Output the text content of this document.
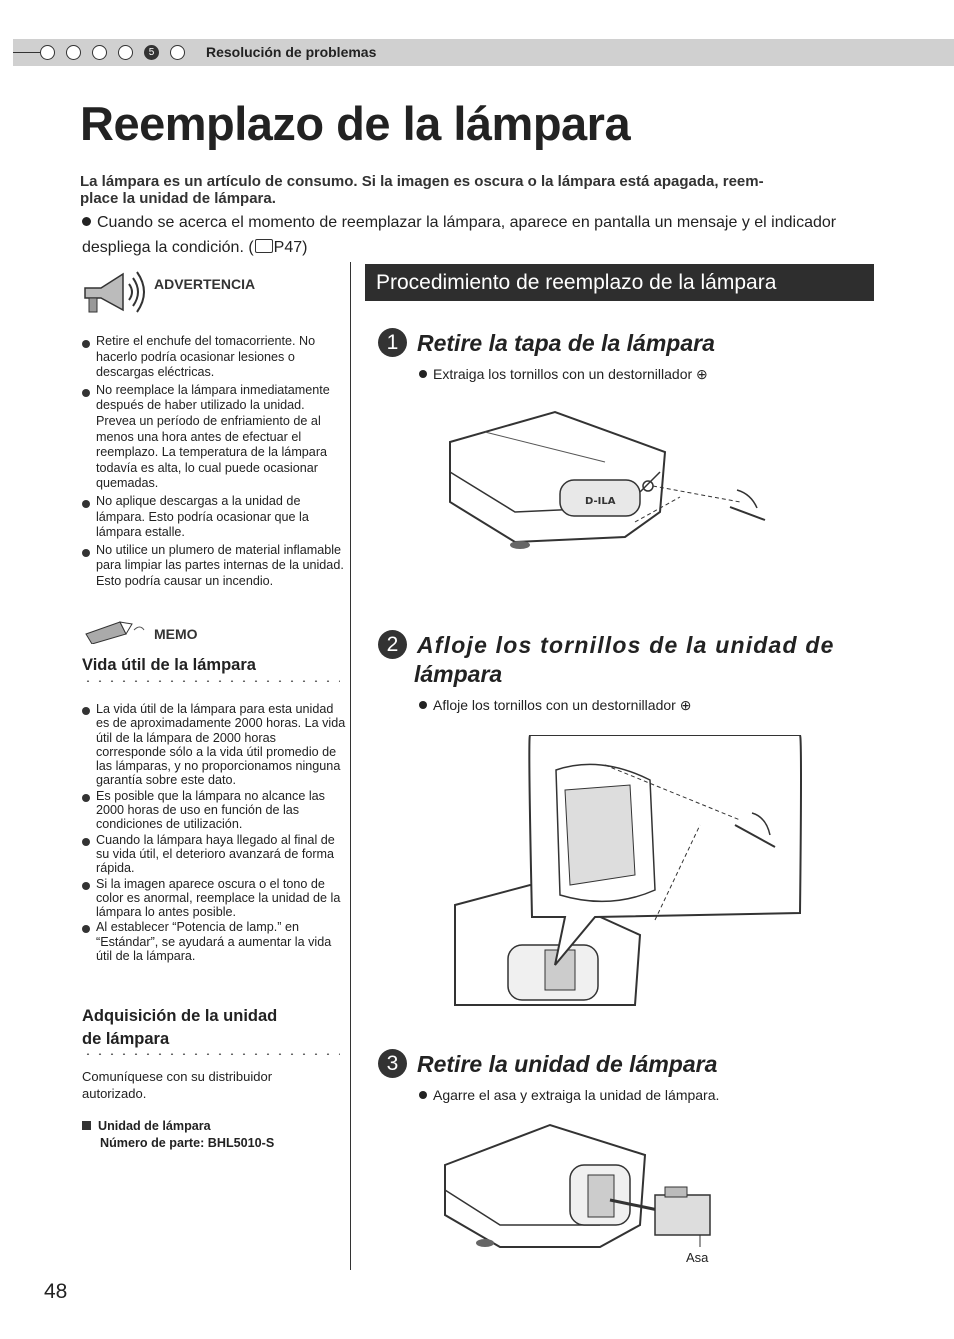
5	Resolución de problemas
Reemplazo de la lámpara
La lámpara es un artículo de consumo. Si la imagen es oscura o la lámpara está apagada, reem-
place la unidad de lámpara.
Cuando se acerca el momento de reemplazar la lámpara, aparece en pantalla un mensaje y el indicador despliega la condición. ( P47)
ADVERTENCIA
Retire el enchufe del tomacorriente. No hacerlo podría ocasionar lesiones o descargas eléctricas.
No reemplace la lámpara inmediatamente después de haber utilizado la unidad. Prevea un período de enfriamiento de al menos una hora antes de efectuar el reemplazo. La temperatura de la lámpara todavía es alta, lo cual puede ocasionar quemadas.
No aplique descargas a la unidad de lámpara. Esto podría ocasionar que la lámpara estalle.
No utilice un plumero de material inflamable para limpiar las partes internas de la unidad. Esto podría causar un incendio.
MEMO
Vida útil de la lámpara
La vida útil de la lámpara para esta unidad es de aproximadamente 2000 horas. La vida útil de la lámpara de 2000 horas corresponde sólo a la vida útil promedio de las lámparas, y no proporcionamos ninguna garantía sobre este dato.
Es posible que la lámpara no alcance las 2000 horas de uso en función de las condiciones de utilización.
Cuando la lámpara haya llegado al final de su vida útil, el deterioro avanzará de forma rápida.
Si la imagen aparece oscura o el tono de color es anormal, reemplace la unidad de la lámpara lo antes posible.
Al establecer “Potencia de lamp.” en “Estándar”, se ayudará a aumentar la vida útil de la lámpara.
Adquisición de la unidad
de lámpara
Comuníquese con su distribuidor autorizado.
Unidad de lámpara
Número de parte: BHL5010-S
Procedimiento de reemplazo de la lámpara
1 Retire la tapa de la lámpara
Extraiga los tornillos con un destornillador ⊕
D-ILA
2 Afloje los tornillos de la unidad de
lámpara
Afloje los tornillos con un destornillador ⊕
3 Retire la unidad de lámpara
Agarre el asa y extraiga la unidad de lámpara.
Asa
48
